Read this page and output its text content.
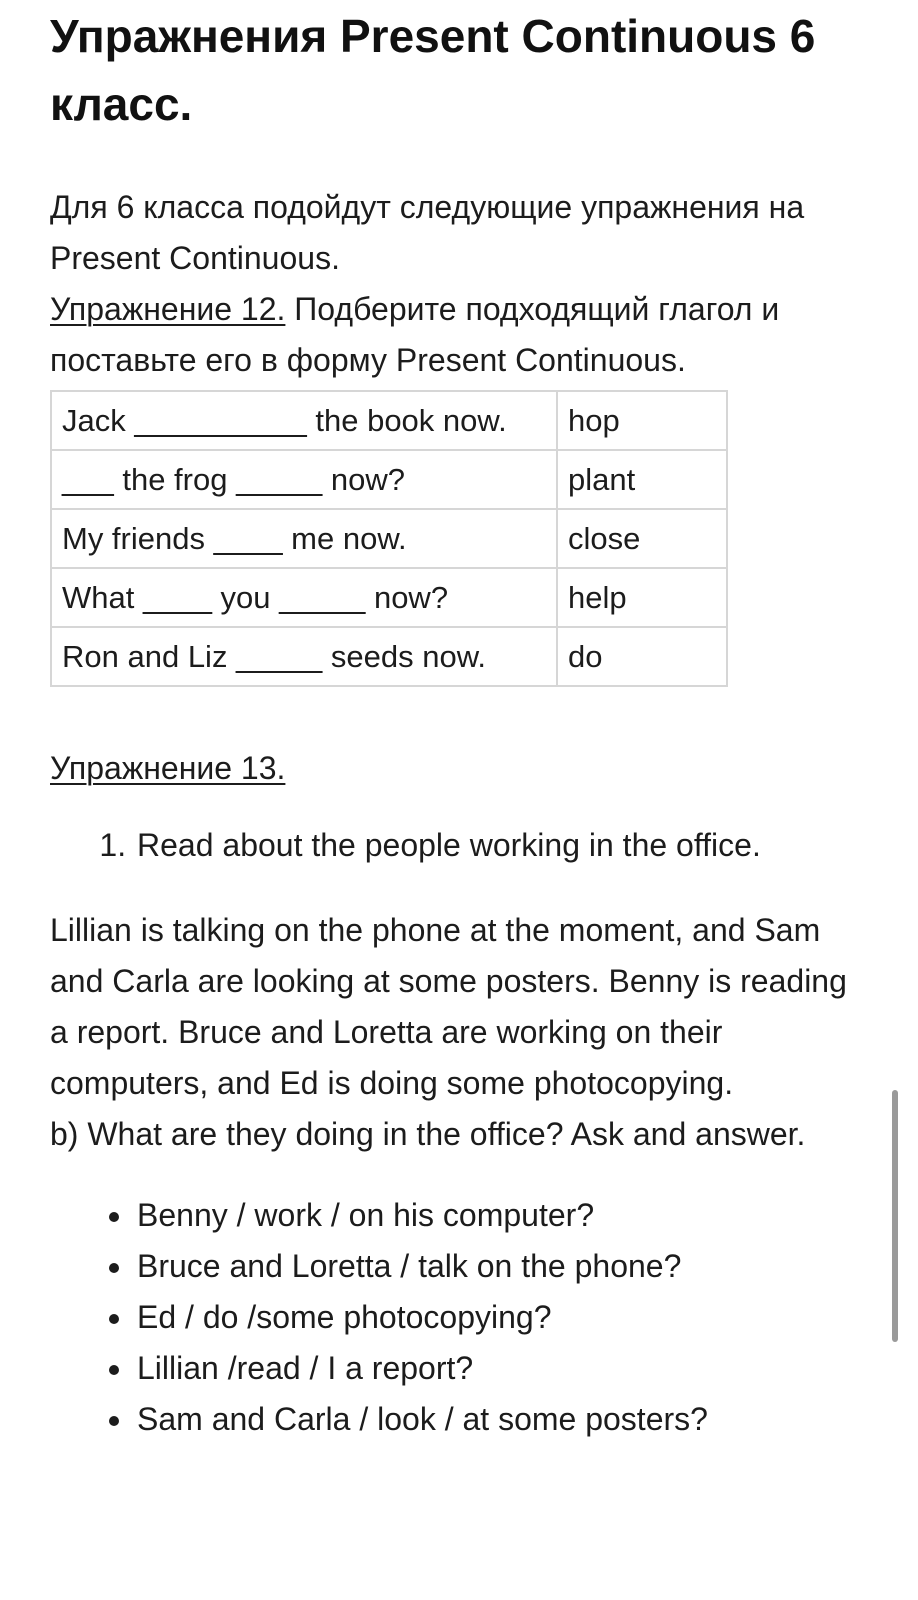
Упражнения Present Continuous 6 класс.

Для 6 класса подойдут следующие упражнения на Present Continuous.

Упражнение 12. Подберите подходящий глагол и поставьте его в форму Present Continuous.

Jack __________ the book now.	hop
___ the frog _____ now?	plant
My friends ____ me now.	close
What ____ you _____ now?	help
Ron and Liz _____ seeds now.	do

Упражнение 13.

1. Read about the people working in the office.

Lillian is talking on the phone at the moment, and Sam and Carla are looking at some posters. Benny is reading a report. Bruce and Loretta are working on their computers, and Ed is doing some photocopying.

b) What are they doing in the office? Ask and answer.

• Benny / work / on his computer?
• Bruce and Loretta / talk on the phone?
• Ed / do /some photocopying?
• Lillian /read / I a report?
• Sam and Carla / look / at some posters?
